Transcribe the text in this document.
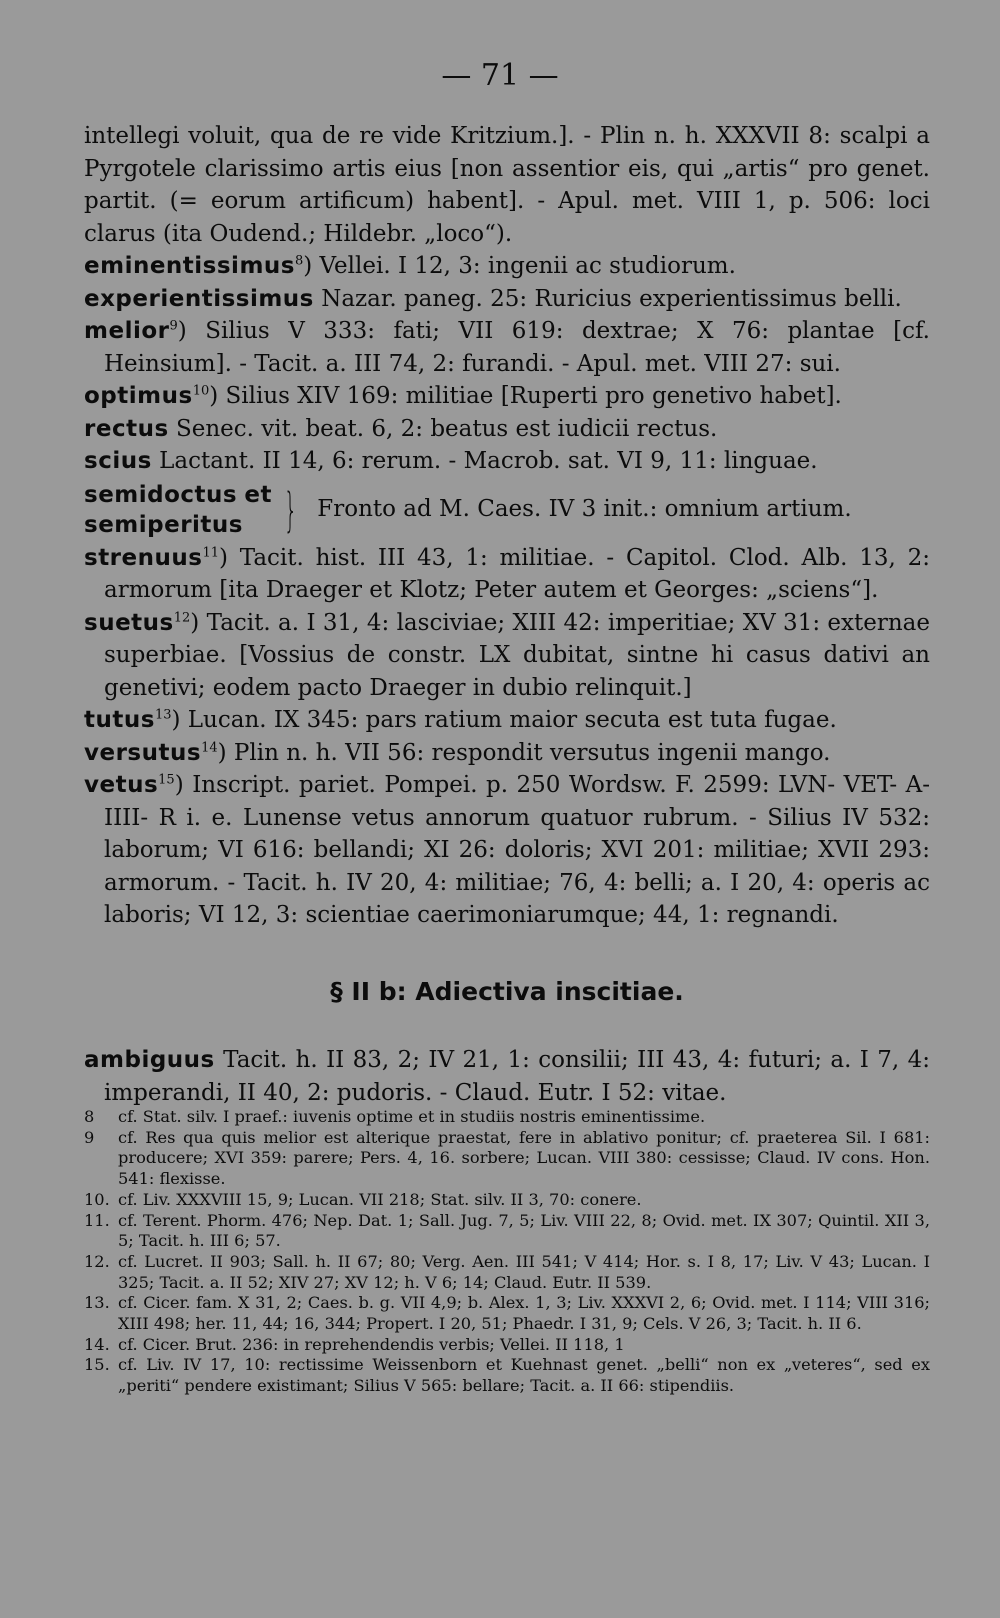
— 71 —

intellegi voluit, qua de re vide Kritzium.]. - Plin n. h. XXXVII 8: scalpi a Pyrgotele clarissimo artis eius [non assentior eis, qui „artis“ pro genet. partit. (= eorum artificum) habent]. - Apul. met. VIII 1, p. 506: loci clarus (ita Oudend.; Hildebr. „loco“).

eminentissimus$^8$) Vellei. I 12, 3: ingenii ac studiorum.

experientissimus Nazar. paneg. 25: Ruricius experientissimus belli.

melior$^9$) Silius V 333: fati; VII 619: dextrae; X 76: plantae [cf. Heinsium]. - Tacit. a. III 74, 2: furandi. - Apul. met. VIII 27: sui.

optimus$^{10}$) Silius XIV 169: militiae [Ruperti pro genetivo habet].

rectus Senec. vit. beat. 6, 2: beatus est iudicii rectus.

scius Lactant. II 14, 6: rerum. - Macrob. sat. VI 9, 11: linguae.

semidoctus et
semiperitus } Fronto ad M. Caes. IV 3 init.: omnium artium.

strenuus$^{11}$) Tacit. hist. III 43, 1: militiae. - Capitol. Clod. Alb. 13, 2: armorum [ita Draeger et Klotz; Peter autem et Georges: „sciens“].

suetus$^{12}$) Tacit. a. I 31, 4: lasciviae; XIII 42: imperitiae; XV 31: externae superbiae. [Vossius de constr. LX dubitat, sintne hi casus dativi an genetivi; eodem pacto Draeger in dubio relinquit.]

tutus$^{13}$) Lucan. IX 345: pars ratium maior secuta est tuta fugae.

versutus$^{14}$) Plin n. h. VII 56: respondit versutus ingenii mango.

vetus$^{15}$) Inscript. pariet. Pompei. p. 250 Wordsw. F. 2599: LVN- VET- A- IIII- R i. e. Lunense vetus annorum quatuor rubrum. - Silius IV 532: laborum; VI 616: bellandi; XI 26: doloris; XVI 201: militiae; XVII 293: armorum. - Tacit. h. IV 20, 4: militiae; 76, 4: belli; a. I 20, 4: operis ac laboris; VI 12, 3: scientiae caerimoniarumque; 44, 1: regnandi.

§ II b: Adiectiva inscitiae.

ambiguus Tacit. h. II 83, 2; IV 21, 1: consilii; III 43, 4: futuri; a. I 7, 4: imperandi, II 40, 2: pudoris. - Claud. Eutr. I 52: vitae.

8	cf. Stat. silv. I praef.: iuvenis optime et in studiis nostris eminentissime.
9	cf. Res qua quis melior est alterique praestat, fere in ablativo ponitur; cf. praeterea Sil. I 681: producere; XVI 359: parere; Pers. 4, 16. sorbere; Lucan. VIII 380: cessisse; Claud. IV cons. Hon. 541: flexisse.
10. cf. Liv. XXXVIII 15, 9; Lucan. VII 218; Stat. silv. II 3, 70: conere.
11. cf. Terent. Phorm. 476; Nep. Dat. 1; Sall. Jug. 7, 5; Liv. VIII 22, 8; Ovid. met. IX 307; Quintil. XII 3, 5; Tacit. h. III 6; 57.
12. cf. Lucret. II 903; Sall. h. II 67; 80; Verg. Aen. III 541; V 414; Hor. s. I 8, 17; Liv. V 43; Lucan. I 325; Tacit. a. II 52; XIV 27; XV 12; h. V 6; 14; Claud. Eutr. II 539.
13. cf. Cicer. fam. X 31, 2; Caes. b. g. VII 4,9; b. Alex. 1, 3; Liv. XXXVI 2, 6; Ovid. met. I 114; VIII 316; XIII 498; her. 11, 44; 16, 344; Propert. I 20, 51; Phaedr. I 31, 9; Cels. V 26, 3; Tacit. h. II 6.
14. cf. Cicer. Brut. 236: in reprehendendis verbis; Vellei. II 118, 1
15. cf. Liv. IV 17, 10: rectissime Weissenborn et Kuehnast genet. „belli“ non ex „veteres“, sed ex „periti“ pendere existimant; Silius V 565: bellare; Tacit. a. II 66: stipendiis.
